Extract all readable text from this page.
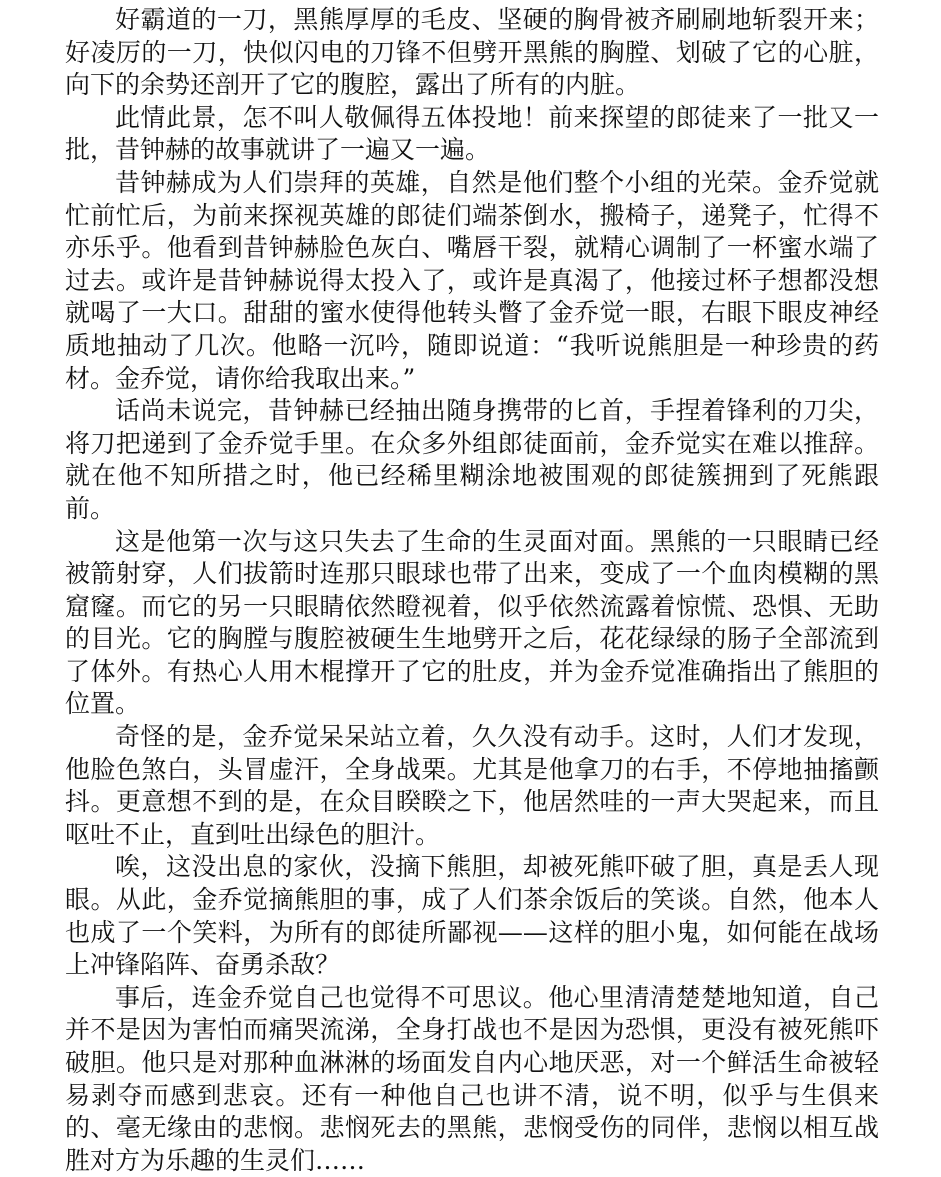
好霸道的一刀，黑熊厚厚的毛皮、坚硬的胸骨被齐刷刷地斩裂开来；好凌厉的一刀，快似闪电的刀锋不但劈开黑熊的胸膛、划破了它的心脏，向下的余势还剖开了它的腹腔，露出了所有的内脏。

此情此景，怎不叫人敬佩得五体投地！前来探望的郎徒来了一批又一批，昔钟赫的故事就讲了一遍又一遍。

昔钟赫成为人们崇拜的英雄，自然是他们整个小组的光荣。金乔觉就忙前忙后，为前来探视英雄的郎徒们端茶倒水，搬椅子，递凳子，忙得不亦乐乎。他看到昔钟赫脸色灰白、嘴唇干裂，就精心调制了一杯蜜水端了过去。或许是昔钟赫说得太投入了，或许是真渴了，他接过杯子想都没想就喝了一大口。甜甜的蜜水使得他转头瞥了金乔觉一眼，右眼下眼皮神经质地抽动了几次。他略一沉吟，随即说道：“我听说熊胆是一种珍贵的药材。金乔觉，请你给我取出来。”

话尚未说完，昔钟赫已经抽出随身携带的匕首，手捏着锋利的刀尖，将刀把递到了金乔觉手里。在众多外组郎徒面前，金乔觉实在难以推辞。就在他不知所措之时，他已经稀里糊涂地被围观的郎徒簇拥到了死熊跟前。

这是他第一次与这只失去了生命的生灵面对面。黑熊的一只眼睛已经被箭射穿，人们拔箭时连那只眼球也带了出来，变成了一个血肉模糊的黑窟窿。而它的另一只眼睛依然瞪视着，似乎依然流露着惊慌、恐惧、无助的目光。它的胸膛与腹腔被硬生生地劈开之后，花花绿绿的肠子全部流到了体外。有热心人用木棍撑开了它的肚皮，并为金乔觉准确指出了熊胆的位置。

奇怪的是，金乔觉呆呆站立着，久久没有动手。这时，人们才发现，他脸色煞白，头冒虚汗，全身战栗。尤其是他拿刀的右手，不停地抽搐颤抖。更意想不到的是，在众目睽睽之下，他居然哇的一声大哭起来，而且呕吐不止，直到吐出绿色的胆汁。

唉，这没出息的家伙，没摘下熊胆，却被死熊吓破了胆，真是丢人现眼。从此，金乔觉摘熊胆的事，成了人们茶余饭后的笑谈。自然，他本人也成了一个笑料，为所有的郎徒所鄙视——这样的胆小鬼，如何能在战场上冲锋陷阵、奋勇杀敌？

事后，连金乔觉自己也觉得不可思议。他心里清清楚楚地知道，自己并不是因为害怕而痛哭流涕，全身打战也不是因为恐惧，更没有被死熊吓破胆。他只是对那种血淋淋的场面发自内心地厌恶，对一个鲜活生命被轻易剥夺而感到悲哀。还有一种他自己也讲不清，说不明，似乎与生俱来的、毫无缘由的悲悯。悲悯死去的黑熊，悲悯受伤的同伴，悲悯以相互战胜对方为乐趣的生灵们……
